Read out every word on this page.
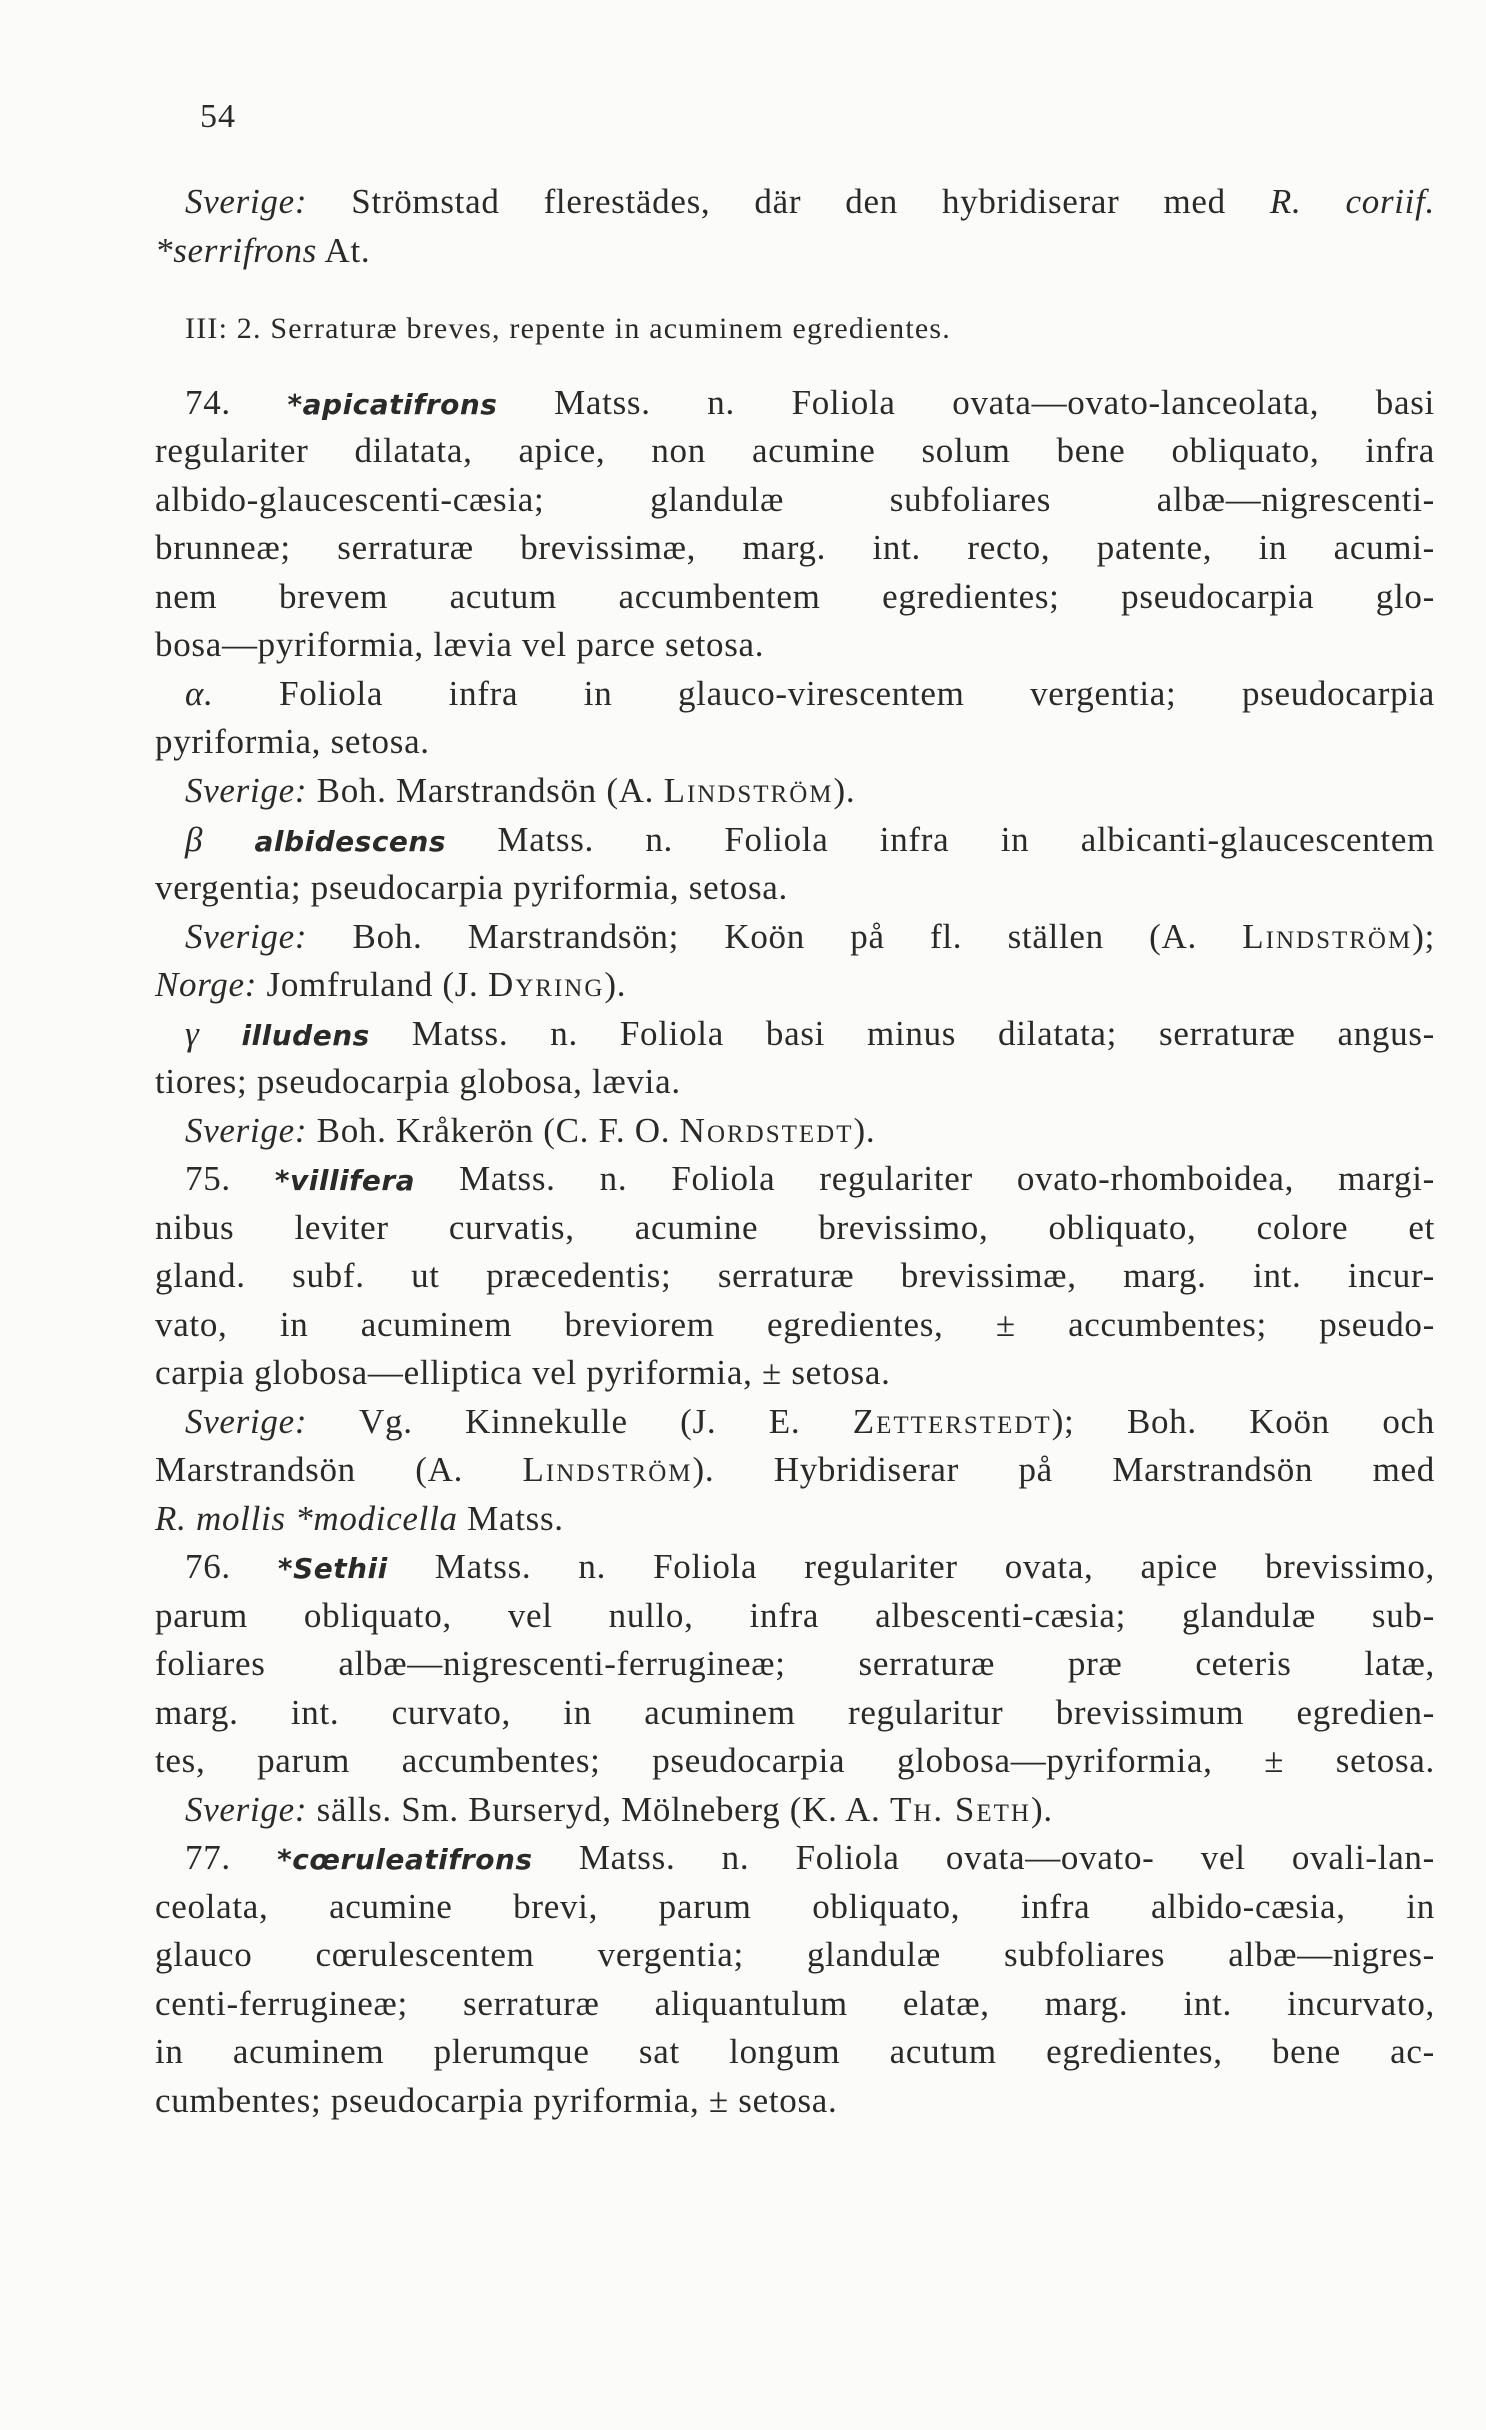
54
Sverige: Strömstad flerestädes, där den hybridiserar med R. coriif.
*serrifrons At.
III: 2. Serraturæ breves, repente in acuminem egredientes.
74. *apicatifrons Matss. n. Foliola ovata—ovato-lanceolata, basi
regulariter dilatata, apice, non acumine solum bene obliquato, infra
albido-glaucescenti-cæsia; glandulæ subfoliares albæ—nigrescenti-
brunneæ; serraturæ brevissimæ, marg. int. recto, patente, in acumi-
nem brevem acutum accumbentem egredientes; pseudocarpia glo-
bosa—pyriformia, lævia vel parce setosa.
α. Foliola infra in glauco-virescentem vergentia; pseudocarpia
pyriformia, setosa.
Sverige: Boh. Marstrandsön (A. Lindström).
β albidescens Matss. n. Foliola infra in albicanti-glaucescentem
vergentia; pseudocarpia pyriformia, setosa.
Sverige: Boh. Marstrandsön; Koön på fl. ställen (A. Lindström);
Norge: Jomfruland (J. Dyring).
γ illudens Matss. n. Foliola basi minus dilatata; serraturæ angus-
tiores; pseudocarpia globosa, lævia.
Sverige: Boh. Kråkerön (C. F. O. Nordstedt).
75. *villifera Matss. n. Foliola regulariter ovato-rhomboidea, margi-
nibus leviter curvatis, acumine brevissimo, obliquato, colore et
gland. subf. ut præcedentis; serraturæ brevissimæ, marg. int. incur-
vato, in acuminem breviorem egredientes, ± accumbentes; pseudo-
carpia globosa—elliptica vel pyriformia, ± setosa.
Sverige: Vg. Kinnekulle (J. E. Zetterstedt); Boh. Koön och
Marstrandsön (A. Lindström). Hybridiserar på Marstrandsön med
R. mollis *modicella Matss.
76. *Sethii Matss. n. Foliola regulariter ovata, apice brevissimo,
parum obliquato, vel nullo, infra albescenti-cæsia; glandulæ sub-
foliares albæ—nigrescenti-ferrugineæ; serraturæ præ ceteris latæ,
marg. int. curvato, in acuminem regularitur brevissimum egredien-
tes, parum accumbentes; pseudocarpia globosa—pyriformia, ± setosa.
Sverige: sälls. Sm. Burseryd, Mölneberg (K. A. Th. Seth).
77. *cœruleatifrons Matss. n. Foliola ovata—ovato- vel ovali-lan-
ceolata, acumine brevi, parum obliquato, infra albido-cæsia, in
glauco cœrulescentem vergentia; glandulæ subfoliares albæ—nigres-
centi-ferrugineæ; serraturæ aliquantulum elatæ, marg. int. incurvato,
in acuminem plerumque sat longum acutum egredientes, bene ac-
cumbentes; pseudocarpia pyriformia, ± setosa.
